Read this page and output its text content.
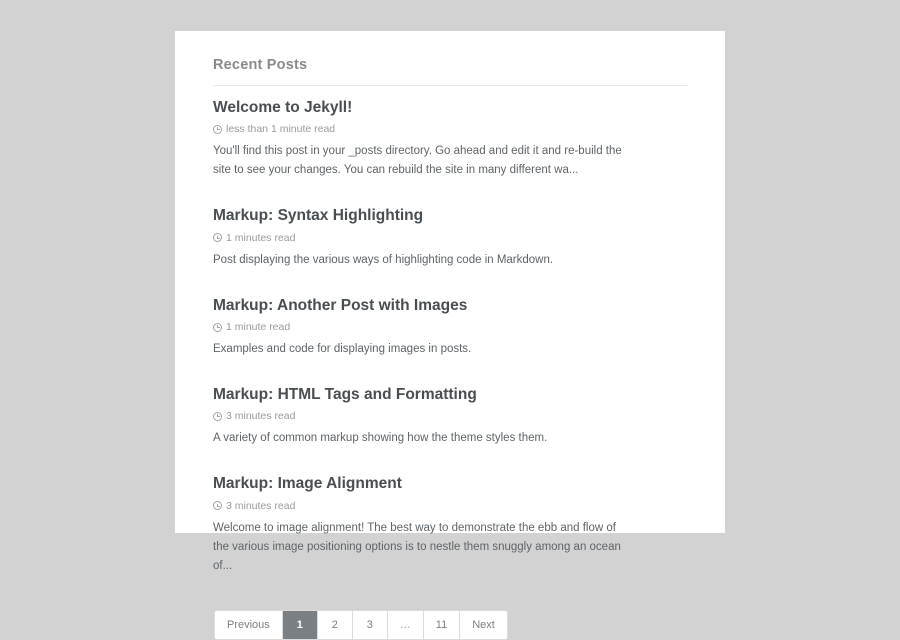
Recent Posts
Welcome to Jekyll!
less than 1 minute read

You'll find this post in your _posts directory. Go ahead and edit it and re-build the site to see your changes. You can rebuild the site in many different wa...

Markup: Syntax Highlighting
1 minutes read

Post displaying the various ways of highlighting code in Markdown.

Markup: Another Post with Images
1 minute read

Examples and code for displaying images in posts.

Markup: HTML Tags and Formatting
3 minutes read

A variety of common markup showing how the theme styles them.

Markup: Image Alignment
3 minutes read

Welcome to image alignment! The best way to demonstrate the ebb and flow of the various image positioning options is to nestle them snuggly among an ocean of...

Previous	1	2	3	…	11	Next
